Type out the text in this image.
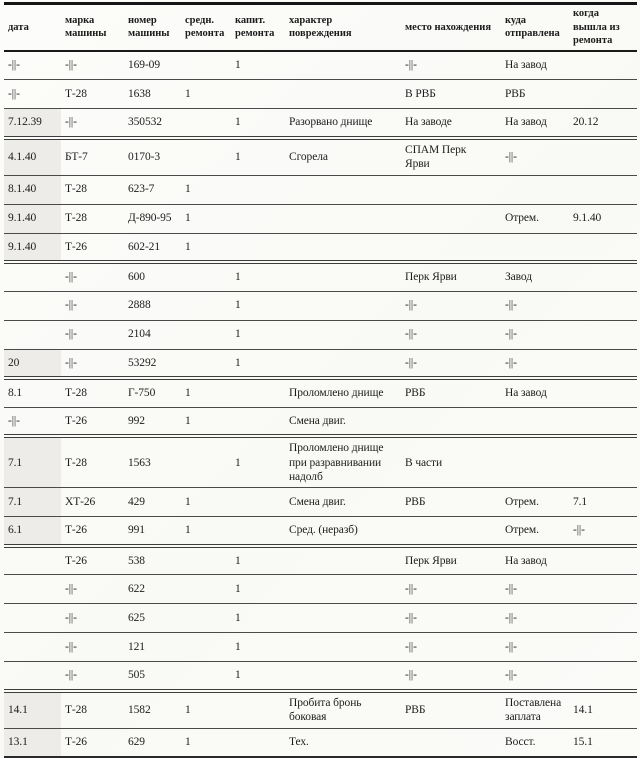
дата	марка машины	номер машины	средн. ремонта	капит. ремонта	характер повреждения	место нахождения	куда отправлена	когда вышла из ремонта
-||-	-||-	169-09		1		-||-	На завод	
-||-	Т-28	1638	1			В РВБ	РВБ	
7.12.39	-||-	350532		1	Разорвано днище	На заводе	На завод	20.12
4.1.40	БТ-7	0170-3		1	Сгорела	СПАМ Перк Ярви	-||-	
8.1.40	Т-28	623-7	1					
9.1.40	Т-28	Д-890-95	1				Отрем.	9.1.40
9.1.40	Т-26	602-21	1					
	-||-	600		1		Перк Ярви	Завод	
	-||-	2888		1		-||-	-||-	
	-||-	2104		1		-||-	-||-	
20	-||-	53292		1		-||-	-||-	
8.1	Т-28	Г-750	1		Проломлено днище	РВБ	На завод	
-||-	Т-26	992	1		Смена двиг.			
7.1	Т-28	1563		1	Проломлено днище при разравнивании надолб	В части		
7.1	ХТ-26	429	1		Смена двиг.	РВБ	Отрем.	7.1
6.1	Т-26	991	1		Сред. (неразб)		Отрем.	-||-
	Т-26	538		1		Перк Ярви	На завод	
	-||-	622		1		-||-	-||-	
	-||-	625		1		-||-	-||-	
	-||-	121		1		-||-	-||-	
	-||-	505		1		-||-	-||-	
14.1	Т-28	1582	1		Пробита бронь боковая	РВБ	Поставлена заплата	14.1
13.1	Т-26	629	1		Тех.		Восст.	15.1
